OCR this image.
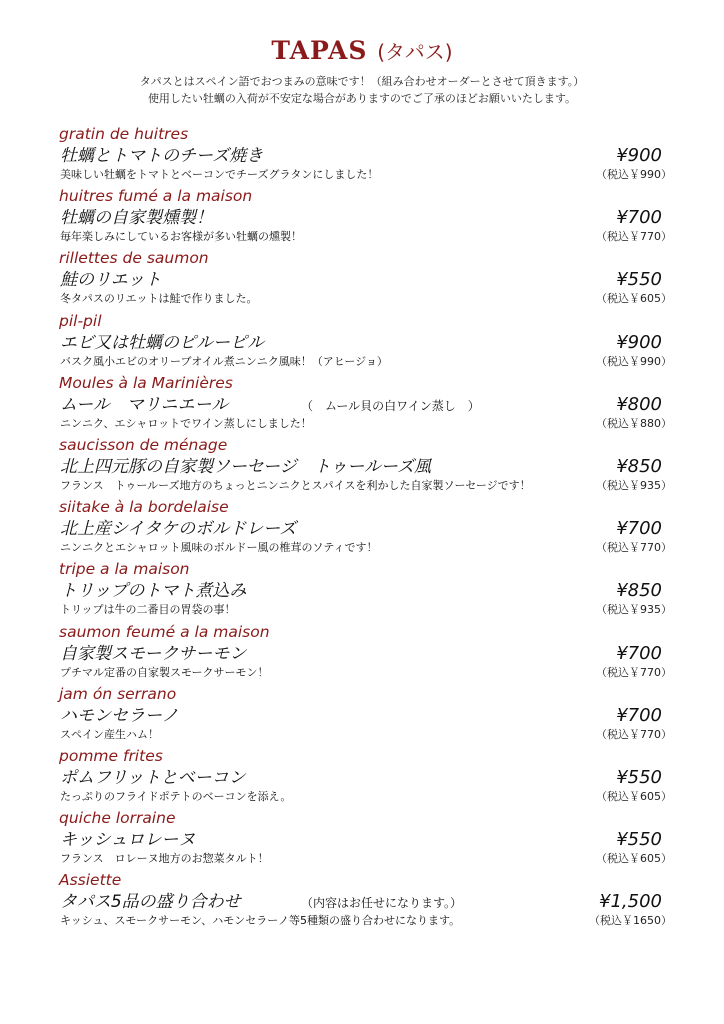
TAPAS (タパス)
タパスとはスペイン語でおつまみの意味です！（組み合わせオーダーとさせて頂きます。）
使用したい牡蠣の入荷が不安定な場合がありますのでご了承のほどお願いいたします。
gratin de huitres
牡蠣とトマトのチーズ焼き
美味しい牡蠣をトマトとベーコンでチーズグラタンにしました！
¥900
（税込￥990）
huitres fumé a la maison
牡蠣の自家製燻製！
毎年楽しみにしているお客様が多い牡蠣の燻製！
¥700
（税込￥770）
rillettes de saumon
鮭のリエット
冬タパスのリエットは鮭で作りました。
¥550
（税込￥605）
pil-pil
エビ又は牡蠣のピルーピル
バスク風小エビのオリーブオイル煮ニンニク風味！（アヒージョ）
¥900
（税込￥990）
Moules à la Marinières
ムール　マリニエール	（　ムール貝の白ワイン蒸し　）
ニンニク、エシャロットでワイン蒸しにしました！
¥800
（税込￥880）
saucisson de ménage
北上四元豚の自家製ソーセージ　トゥールーズ風
フランス　トゥールーズ地方のちょっとニンニクとスパイスを利かした自家製ソーセージです！
¥850
（税込￥935）
siitake à la bordelaise
北上産シイタケのボルドレーズ
ニンニクとエシャロット風味のボルドー風の椎茸のソティです！
¥700
（税込￥770）
tripe a la maison
トリップのトマト煮込み
トリップは牛の二番目の胃袋の事！
¥850
（税込￥935）
saumon feumé a la maison
自家製スモークサーモン
プチマル定番の自家製スモークサーモン！
¥700
（税込￥770）
jam ón serrano
ハモンセラーノ
スペイン産生ハム！
¥700
（税込￥770）
pomme frites
ポムフリットとベーコン
たっぷりのフライドポテトのベーコンを添え。
¥550
（税込￥605）
quiche lorraine
キッシュロレーヌ
フランス　ロレーヌ地方のお惣菜タルト！
¥550
（税込￥605）
Assiette
タパス5品の盛り合わせ	（内容はお任せになります。）
キッシュ、スモークサーモン、ハモンセラーノ等5種類の盛り合わせになります。
¥1,500
（税込￥1650）
